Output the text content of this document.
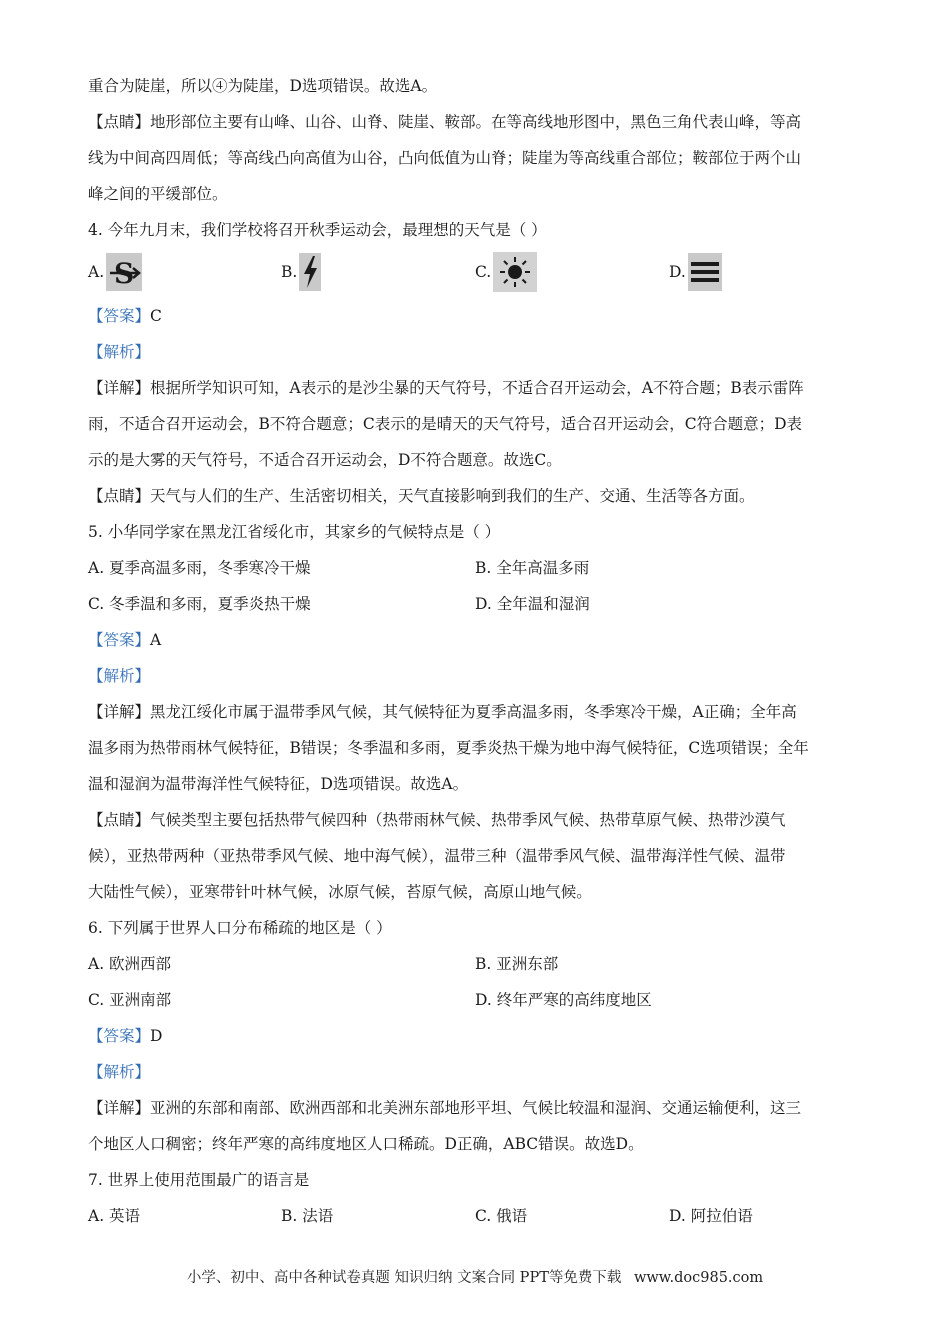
重合为陡崖，所以④为陡崖，D选项错误。故选A。
【点睛】地形部位主要有山峰、山谷、山脊、陡崖、鞍部。在等高线地形图中，黑色三角代表山峰，等高
线为中间高四周低；等高线凸向高值为山谷，凸向低值为山脊；陡崖为等高线重合部位；鞍部位于两个山
峰之间的平缓部位。
4. 今年九月末，我们学校将召开秋季运动会，最理想的天气是（ ）
A. S	B.	C.	D.
【答案】C
【解析】
【详解】根据所学知识可知，A表示的是沙尘暴的天气符号，不适合召开运动会，A不符合题；B表示雷阵
雨，不适合召开运动会，B不符合题意；C表示的是晴天的天气符号，适合召开运动会，C符合题意；D表
示的是大雾的天气符号，不适合召开运动会，D不符合题意。故选C。
【点睛】天气与人们的生产、生活密切相关，天气直接影响到我们的生产、交通、生活等各方面。
5. 小华同学家在黑龙江省绥化市，其家乡的气候特点是（ ）
A. 夏季高温多雨，冬季寒冷干燥	B. 全年高温多雨
C. 冬季温和多雨，夏季炎热干燥	D. 全年温和湿润
【答案】A
【解析】
【详解】黑龙江绥化市属于温带季风气候，其气候特征为夏季高温多雨，冬季寒冷干燥，A正确；全年高
温多雨为热带雨林气候特征，B错误；冬季温和多雨，夏季炎热干燥为地中海气候特征，C选项错误；全年
温和湿润为温带海洋性气候特征，D选项错误。故选A。
【点睛】气候类型主要包括热带气候四种（热带雨林气候、热带季风气候、热带草原气候、热带沙漠气
候），亚热带两种（亚热带季风气候、地中海气候），温带三种（温带季风气候、温带海洋性气候、温带
大陆性气候），亚寒带针叶林气候，冰原气候，苔原气候，高原山地气候。
6. 下列属于世界人口分布稀疏的地区是（ ）
A. 欧洲西部	B. 亚洲东部
C. 亚洲南部	D. 终年严寒的高纬度地区
【答案】D
【解析】
【详解】亚洲的东部和南部、欧洲西部和北美洲东部地形平坦、气候比较温和湿润、交通运输便利，这三
个地区人口稠密；终年严寒的高纬度地区人口稀疏。D正确，ABC错误。故选D。
7. 世界上使用范围最广的语言是
A. 英语	B. 法语	C. 俄语	D. 阿拉伯语
小学、初中、高中各种试卷真题 知识归纳 文案合同 PPT等免费下载 www.doc985.com
